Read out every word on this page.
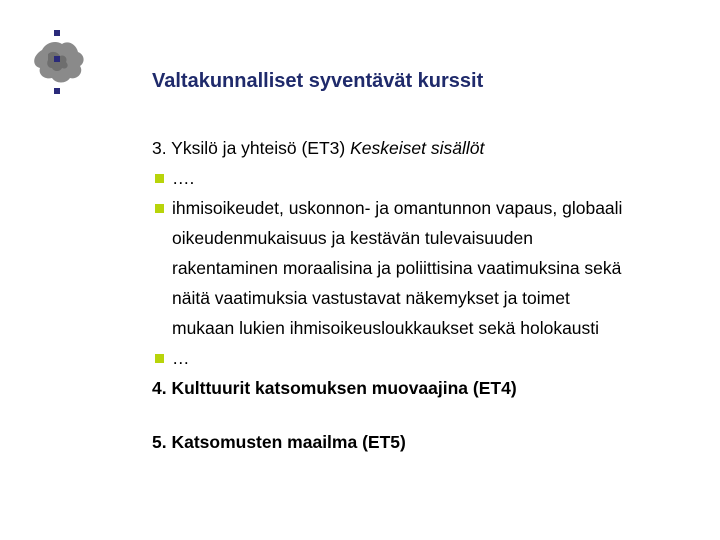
Valtakunnalliset syventävät kurssit
3. Yksilö ja yhteisö (ET3) Keskeiset sisällöt
….
ihmisoikeudet, uskonnon- ja omantunnon vapaus, globaali
oikeudenmukaisuus ja kestävän tulevaisuuden
rakentaminen moraalisina ja poliittisina vaatimuksina sekä
näitä vaatimuksia vastustavat näkemykset ja toimet
mukaan lukien ihmisoikeusloukkaukset sekä holokausti
…
4. Kulttuurit katsomuksen muovaajina (ET4)
5. Katsomusten maailma (ET5)
